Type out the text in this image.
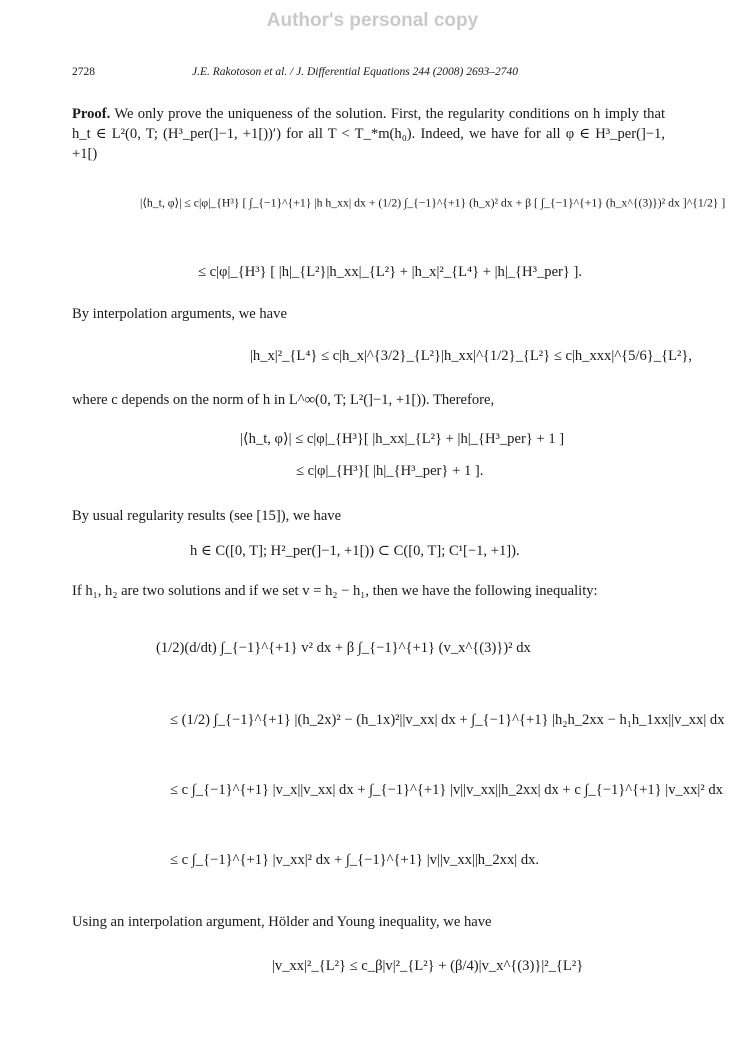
Author's personal copy
2728	J.E. Rakotoson et al. / J. Differential Equations 244 (2008) 2693–2740
Proof. We only prove the uniqueness of the solution. First, the regularity conditions on h imply that h_t ∈ L²(0, T; (H³_per(]−1, +1[))′) for all T < T_*m(h₀). Indeed, we have for all φ ∈ H³_per(]−1, +1[)
|⟨h_t, φ⟩| ≤ c|φ|_{H³} [ ∫_{−1}^{+1} |h h_xx| dx + (1/2) ∫_{−1}^{+1} (h_x)² dx + β [ ∫_{−1}^{+1} (h_x^{(3)})² dx ]^{1/2} ]
≤ c|φ|_{H³} [ |h|_{L²}|h_xx|_{L²} + |h_x|²_{L⁴} + |h|_{H³_per} ].
By interpolation arguments, we have
|h_x|²_{L⁴} ≤ c|h_x|^{3/2}_{L²}|h_xx|^{1/2}_{L²} ≤ c|h_xxx|^{5/6}_{L²},
where c depends on the norm of h in L^∞(0, T; L²(]−1, +1[)). Therefore,
|⟨h_t, φ⟩| ≤ c|φ|_{H³}[ |h_xx|_{L²} + |h|_{H³_per} + 1 ]
≤ c|φ|_{H³}[ |h|_{H³_per} + 1 ].
By usual regularity results (see [15]), we have
h ∈ C([0, T]; H²_per(]−1, +1[)) ⊂ C([0, T]; C¹[−1, +1]).
If h₁, h₂ are two solutions and if we set v = h₂ − h₁, then we have the following inequality:
(1/2)(d/dt) ∫_{−1}^{+1} v² dx + β ∫_{−1}^{+1} (v_x^{(3)})² dx
≤ (1/2) ∫_{−1}^{+1} |(h_2x)² − (h_1x)²||v_xx| dx + ∫_{−1}^{+1} |h₂h_2xx − h₁h_1xx||v_xx| dx
≤ c ∫_{−1}^{+1} |v_x||v_xx| dx + ∫_{−1}^{+1} |v||v_xx||h_2xx| dx + c ∫_{−1}^{+1} |v_xx|² dx
≤ c ∫_{−1}^{+1} |v_xx|² dx + ∫_{−1}^{+1} |v||v_xx||h_2xx| dx.
Using an interpolation argument, Hölder and Young inequality, we have
|v_xx|²_{L²} ≤ c_β|v|²_{L²} + (β/4)|v_x^{(3)}|²_{L²}
